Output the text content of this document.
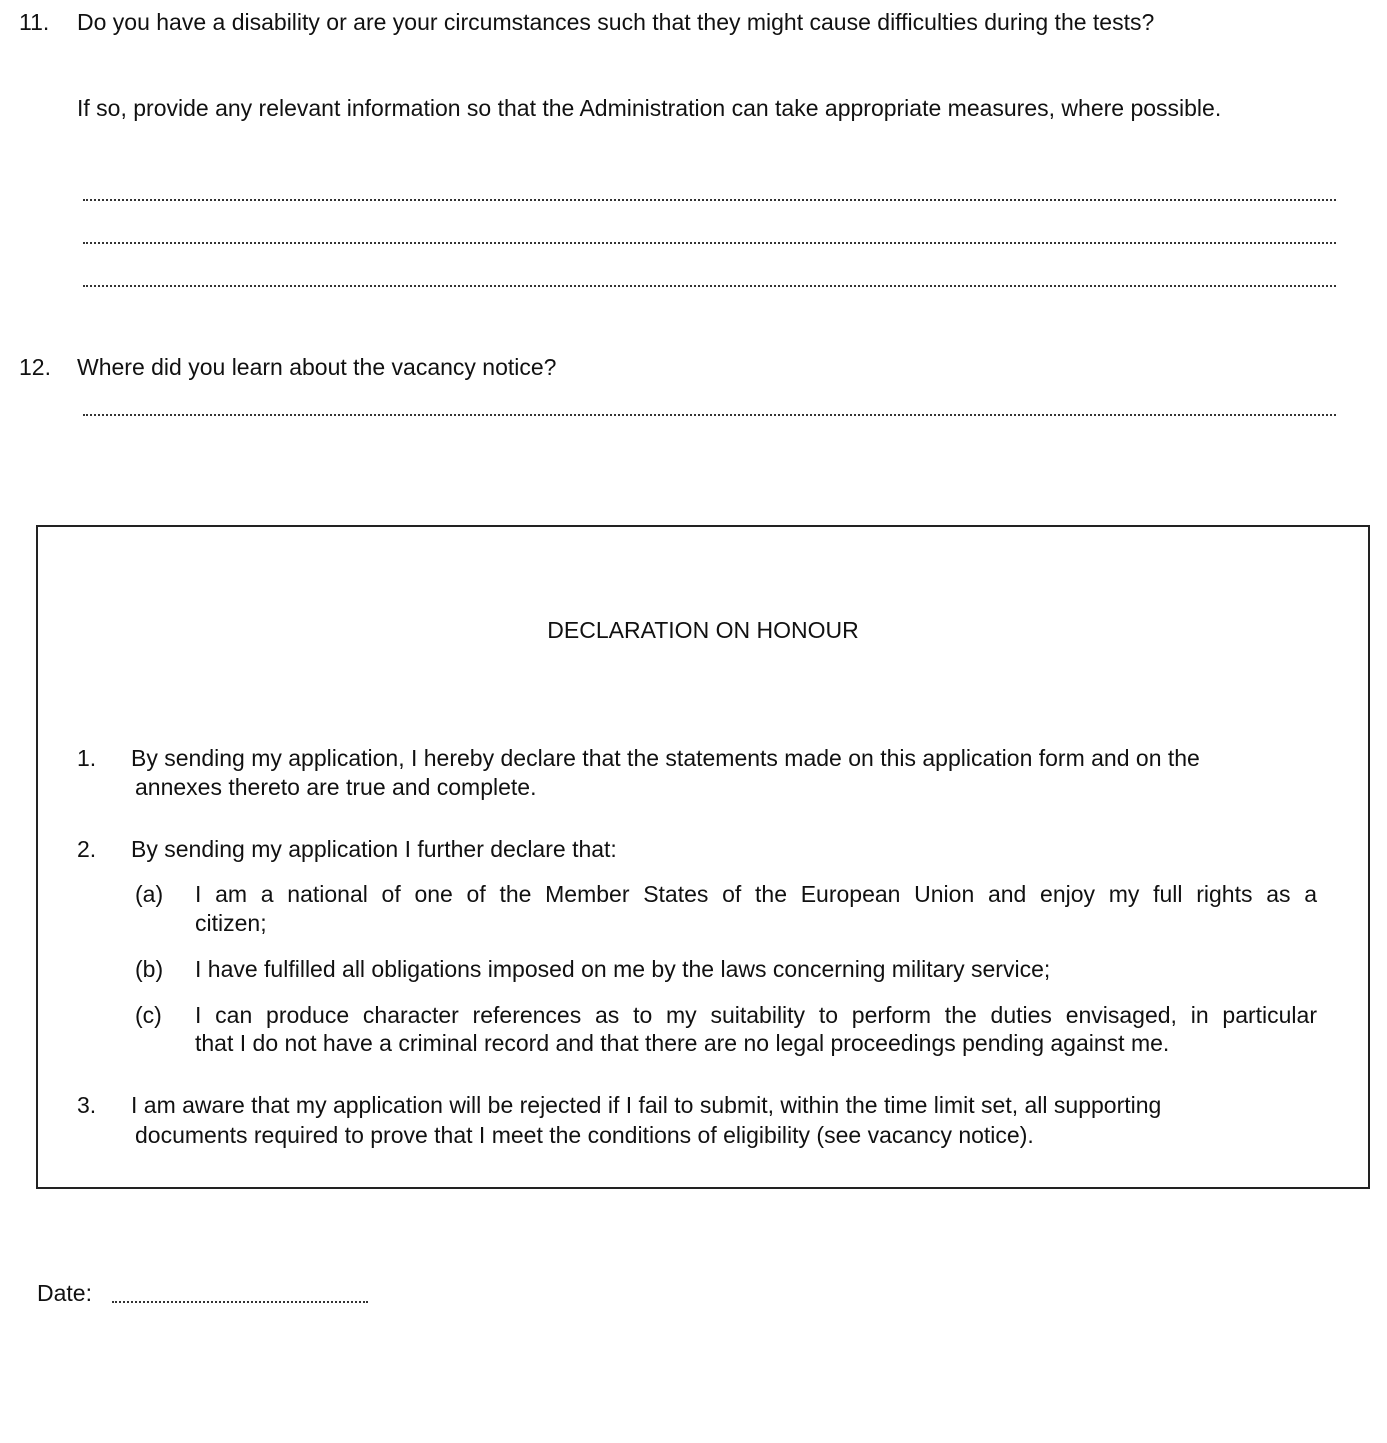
11. Do you have a disability or are your circumstances such that they might cause difficulties during the tests?
If so, provide any relevant information so that the Administration can take appropriate measures, where possible.
12. Where did you learn about the vacancy notice?
DECLARATION ON HONOUR
1. By sending my application, I hereby declare that the statements made on this application form and on the
annexes thereto are true and complete.
2. By sending my application I further declare that:
(a) I am a national of one of the Member States of the European Union and enjoy my full rights as a
citizen;
(b) I have fulfilled all obligations imposed on me by the laws concerning military service;
(c) I can produce character references as to my suitability to perform the duties envisaged, in particular
that I do not have a criminal record and that there are no legal proceedings pending against me.
3. I am aware that my application will be rejected if I fail to submit, within the time limit set, all supporting
documents required to prove that I meet the conditions of eligibility (see vacancy notice).
Date:
